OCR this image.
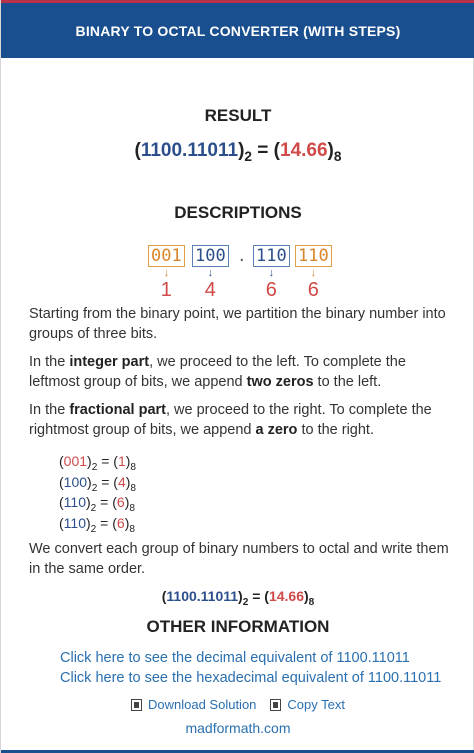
BINARY TO OCTAL CONVERTER (WITH STEPS)
RESULT
$(1100.11011)_2 = (14.66)_8$
DESCRIPTIONS
001
↓
1
100
↓
4
. 110
↓
6
110
↓
6
Starting from the binary point, we partition the binary number into groups of three bits.
In the integer part, we proceed to the left. To complete the leftmost group of bits, we append two zeros to the left.
In the fractional part, we proceed to the right. To complete the rightmost group of bits, we append a zero to the right.
$(001)_2 = (1)_8$
$(100)_2 = (4)_8$
$(110)_2 = (6)_8$
$(110)_2 = (6)_8$
We convert each group of binary numbers to octal and write them in the same order.
$(1100.11011)_2 = (14.66)_8$
OTHER INFORMATION
Click here to see the decimal equivalent of 1100.11011
Click here to see the hexadecimal equivalent of 1100.11011
Download Solution Copy Text
madformath.com
